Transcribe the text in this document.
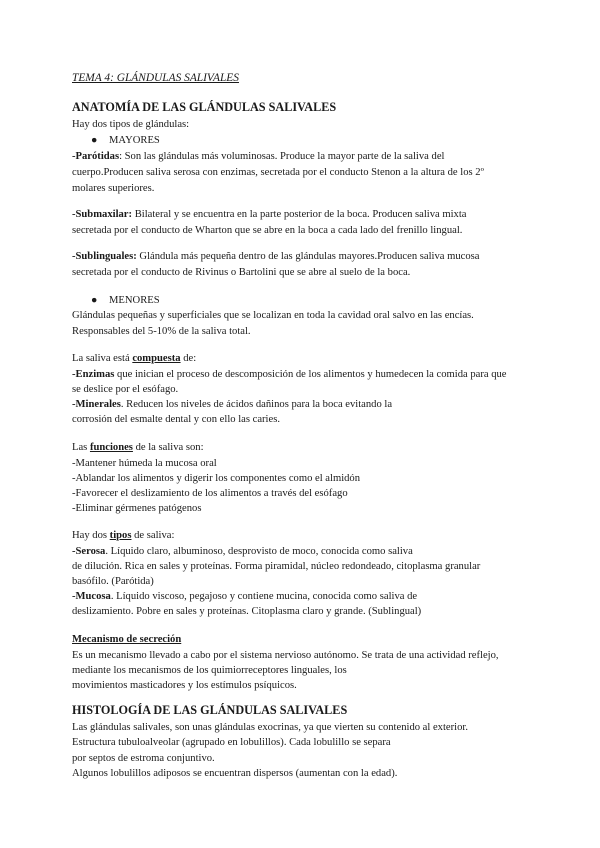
TEMA 4: GLÁNDULAS SALIVALES
ANATOMÍA DE LAS GLÁNDULAS SALIVALES
Hay dos tipos de glándulas:
● MAYORES
-Parótidas: Son las glándulas más voluminosas. Produce la mayor parte de la saliva del
cuerpo.Producen saliva serosa con enzimas, secretada por el conducto Stenon a la altura de los 2º
molares superiores.
-Submaxilar: Bilateral y se encuentra en la parte posterior de la boca. Producen saliva mixta
secretada por el conducto de Wharton que se abre en la boca a cada lado del frenillo lingual.
-Sublinguales: Glándula más pequeña dentro de las glándulas mayores.Producen saliva mucosa
secretada por el conducto de Rivinus o Bartolini que se abre al suelo de la boca.
● MENORES
Glándulas pequeñas y superficiales que se localizan en toda la cavidad oral salvo en las encías.
Responsables del 5-10% de la saliva total.
La saliva está compuesta de:
-Enzimas que inician el proceso de descomposición de los alimentos y humedecen la comida para que
se deslice por el esófago.
-Minerales. Reducen los niveles de ácidos dañinos para la boca evitando la
corrosión del esmalte dental y con ello las caries.
Las funciones de la saliva son:
-Mantener húmeda la mucosa oral
-Ablandar los alimentos y digerir los componentes como el almidón
-Favorecer el deslizamiento de los alimentos a través del esófago
-Eliminar gérmenes patógenos
Hay dos tipos de saliva:
-Serosa. Líquido claro, albuminoso, desprovisto de moco, conocida como saliva
de dilución. Rica en sales y proteínas. Forma piramidal, núcleo redondeado, citoplasma granular
basófilo. (Parótida)
-Mucosa. Líquido viscoso, pegajoso y contiene mucina, conocida como saliva de
deslizamiento. Pobre en sales y proteínas. Citoplasma claro y grande. (Sublingual)
Mecanismo de secreción
Es un mecanismo llevado a cabo por el sistema nervioso autónomo. Se trata de una actividad reflejo,
mediante los mecanismos de los quimiorreceptores linguales, los
movimientos masticadores y los estímulos psíquicos.
HISTOLOGÍA DE LAS GLÁNDULAS SALIVALES
Las glándulas salivales, son unas glándulas exocrinas, ya que vierten su contenido al exterior.
Estructura tubuloalveolar (agrupado en lobulillos). Cada lobulillo se separa
por septos de estroma conjuntivo.
Algunos lobulillos adiposos se encuentran dispersos (aumentan con la edad).
